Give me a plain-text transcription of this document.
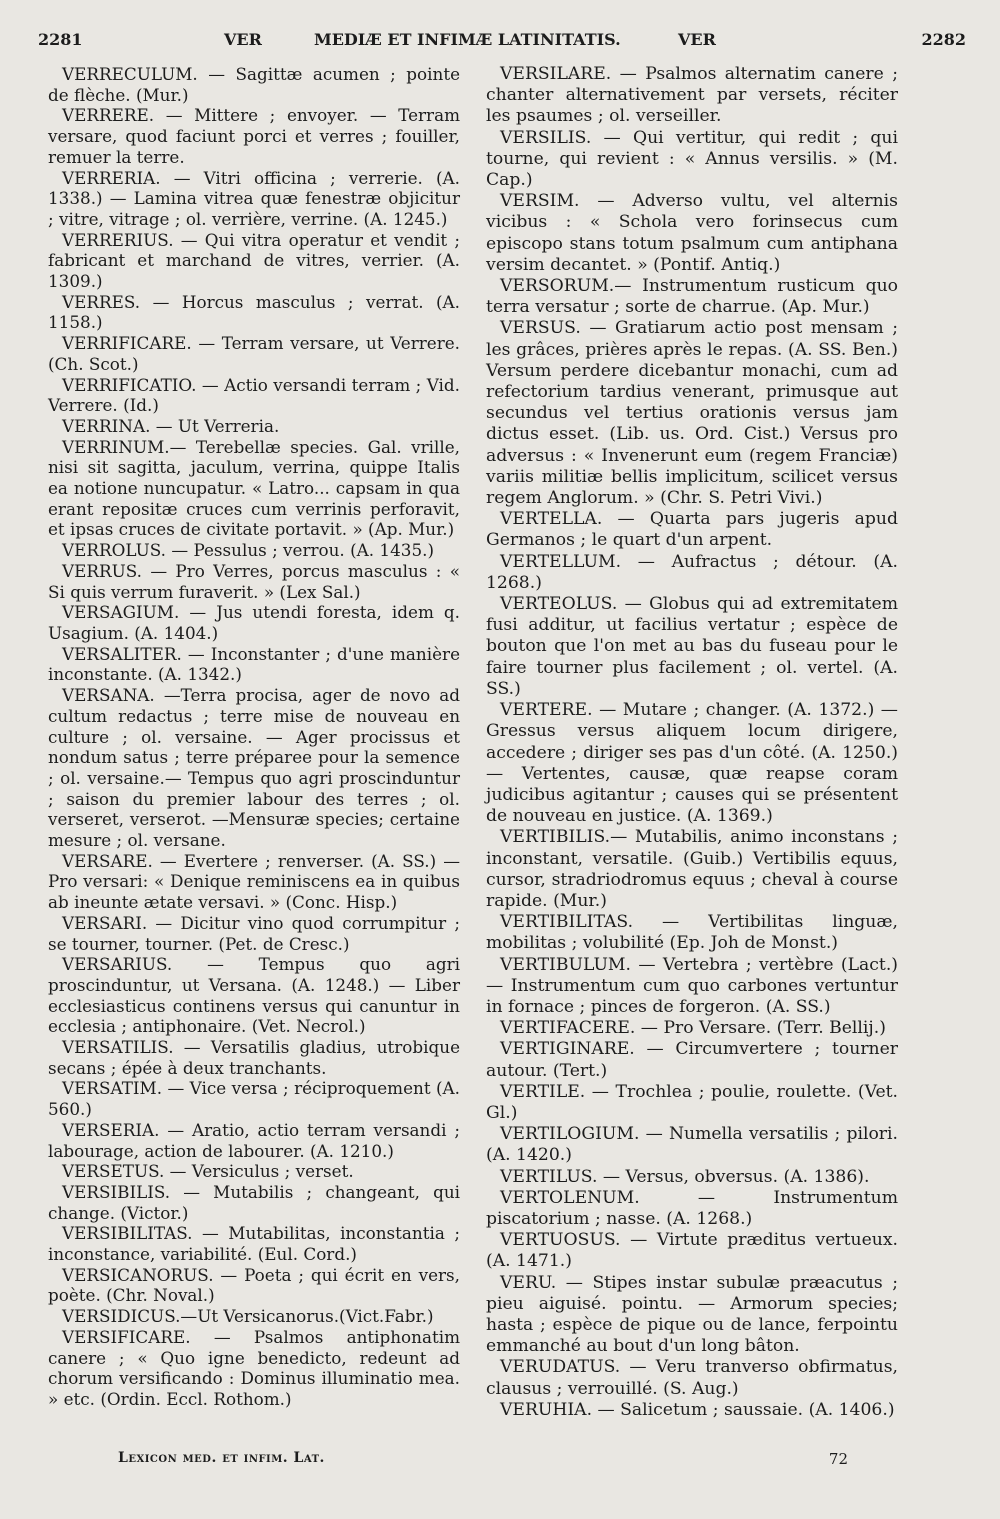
2281	VER	MEDIÆ ET INFIMÆ LATINITATIS.	VER	2282

VERRECULUM. — Sagittæ acumen ; pointe de flèche. (Mur.)

VERRERE. — Mittere ; envoyer. — Terram versare, quod faciunt porci et verres ; fouiller, remuer la terre.

VERRERIA. — Vitri officina ; verrerie. (A. 1338.) — Lamina vitrea quæ fenestræ objicitur ; vitre, vitrage ; ol. verrière, verrine. (A. 1245.)

VERRERIUS. — Qui vitra operatur et vendit ; fabricant et marchand de vitres, verrier. (A. 1309.)

VERRES. — Horcus masculus ; verrat. (A. 1158.)

VERRIFICARE. — Terram versare, ut Verrere. (Ch. Scot.)

VERRIFICATIO. — Actio versandi terram ; Vid. Verrere. (Id.)

VERRINA. — Ut Verreria.

VERRINUM.— Terebellæ species. Gal. vrille, nisi sit sagitta, jaculum, verrina, quippe Italis ea notione nuncupatur. « Latro... capsam in qua erant repositæ cruces cum verrinis perforavit, et ipsas cruces de civitate portavit. » (Ap. Mur.)

VERROLUS. — Pessulus ; verrou. (A. 1435.)

VERRUS. — Pro Verres, porcus masculus : « Si quis verrum furaverit. » (Lex Sal.)

VERSAGIUM. — Jus utendi foresta, idem q. Usagium. (A. 1404.)

VERSALITER. — Inconstanter ; d'une manière inconstante. (A. 1342.)

VERSANA. —Terra procisa, ager de novo ad cultum redactus ; terre mise de nouveau en culture ; ol. versaine. — Ager procissus et nondum satus ; terre préparee pour la semence ; ol. versaine.— Tempus quo agri proscinduntur ; saison du premier labour des terres ; ol. verseret, verserot. —Mensuræ species; certaine mesure ; ol. versane.

VERSARE. — Evertere ; renverser. (A. SS.) — Pro versari: « Denique reminiscens ea in quibus ab ineunte ætate versavi. » (Conc. Hisp.)

VERSARI. — Dicitur vino quod corrumpitur ; se tourner, tourner. (Pet. de Cresc.)

VERSARIUS. — Tempus quo agri proscinduntur, ut Versana. (A. 1248.) — Liber ecclesiasticus continens versus qui canuntur in ecclesia ; antiphonaire. (Vet. Necrol.)

VERSATILIS. — Versatilis gladius, utrobique secans ; épée à deux tranchants.

VERSATIM. — Vice versa ; réciproquement (A. 560.)

VERSERIA. — Aratio, actio terram versandi ; labourage, action de labourer. (A. 1210.)

VERSETUS. — Versiculus ; verset.

VERSIBILIS. — Mutabilis ; changeant, qui change. (Victor.)

VERSIBILITAS. — Mutabilitas, inconstantia ; inconstance, variabilité. (Eul. Cord.)

VERSICANORUS. — Poeta ; qui écrit en vers, poète. (Chr. Noval.)

VERSIDICUS.—Ut Versicanorus.(Vict.Fabr.)

VERSIFICARE. — Psalmos antiphonatim canere ; « Quo igne benedicto, redeunt ad chorum versificando : Dominus illuminatio mea. » etc. (Ordin. Eccl. Rothom.)

VERSILARE. — Psalmos alternatim canere ; chanter alternativement par versets, réciter les psaumes ; ol. verseiller.

VERSILIS. — Qui vertitur, qui redit ; qui tourne, qui revient : « Annus versilis. » (M. Cap.)

VERSIM. — Adverso vultu, vel alternis vicibus : « Schola vero forinsecus cum episcopo stans totum psalmum cum antiphana versim decantet. » (Pontif. Antiq.)

VERSORUM.— Instrumentum rusticum quo terra versatur ; sorte de charrue. (Ap. Mur.)

VERSUS. — Gratiarum actio post mensam ; les grâces, prières après le repas. (A. SS. Ben.) Versum perdere dicebantur monachi, cum ad refectorium tardius venerant, primusque aut secundus vel tertius orationis versus jam dictus esset. (Lib. us. Ord. Cist.) Versus pro adversus : « Invenerunt eum (regem Franciæ) variis militiæ bellis implicitum, scilicet versus regem Anglorum. » (Chr. S. Petri Vivi.)

VERTELLA. — Quarta pars jugeris apud Germanos ; le quart d'un arpent.

VERTELLUM. — Aufractus ; détour. (A. 1268.)

VERTEOLUS. — Globus qui ad extremitatem fusi additur, ut facilius vertatur ; espèce de bouton que l'on met au bas du fuseau pour le faire tourner plus facilement ; ol. vertel. (A. SS.)

VERTERE. — Mutare ; changer. (A. 1372.) — Gressus versus aliquem locum dirigere, accedere ; diriger ses pas d'un côté. (A. 1250.) — Vertentes, causæ, quæ reapse coram judicibus agitantur ; causes qui se présentent de nouveau en justice. (A. 1369.)

VERTIBILIS.— Mutabilis, animo inconstans ; inconstant, versatile. (Guib.) Vertibilis equus, cursor, stradriodromus equus ; cheval à course rapide. (Mur.)

VERTIBILITAS. — Vertibilitas linguæ, mobilitas ; volubilité (Ep. Joh de Monst.)

VERTIBULUM. — Vertebra ; vertèbre (Lact.) — Instrumentum cum quo carbones vertuntur in fornace ; pinces de forgeron. (A. SS.)

VERTIFACERE. — Pro Versare. (Terr. Bellij.)

VERTIGINARE. — Circumvertere ; tourner autour. (Tert.)

VERTILE. — Trochlea ; poulie, roulette. (Vet. Gl.)

VERTILOGIUM. — Numella versatilis ; pilori. (A. 1420.)

VERTILUS. — Versus, obversus. (A. 1386).

VERTOLENUM. — Instrumentum piscatorium ; nasse. (A. 1268.)

VERTUOSUS. — Virtute præditus vertueux. (A. 1471.)

VERU. — Stipes instar subulæ præacutus ; pieu aiguisé. pointu. — Armorum species; hasta ; espèce de pique ou de lance, ferpointu emmanché au bout d'un long bâton.

VERUDATUS. — Veru tranverso obfirmatus, clausus ; verrouillé. (S. Aug.)

VERUHIA. — Salicetum ; saussaie. (A. 1406.)

Lexicon med. et infim. Lat.	72
